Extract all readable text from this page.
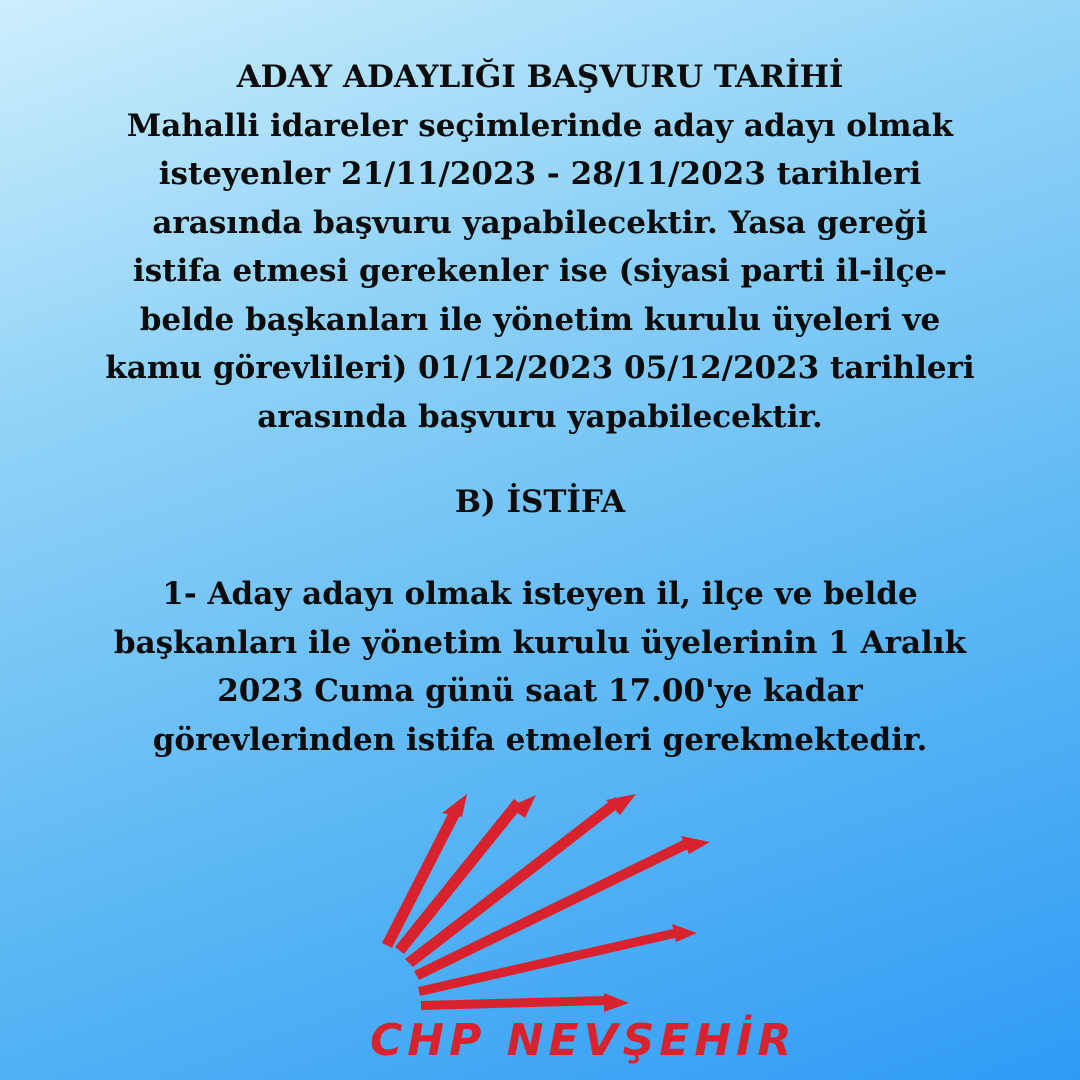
ADAY ADAYLIĞI BAŞVURU TARİHİ
Mahalli idareler seçimlerinde aday adayı olmak
isteyenler 21/11/2023 - 28/11/2023 tarihleri
arasında başvuru yapabilecektir. Yasa gereği
istifa etmesi gerekenler ise (siyasi parti il-ilçe-
belde başkanları ile yönetim kurulu üyeleri ve
kamu görevlileri) 01/12/2023 05/12/2023 tarihleri
arasında başvuru yapabilecektir.
B) İSTİFA
1- Aday adayı olmak isteyen il, ilçe ve belde
başkanları ile yönetim kurulu üyelerinin 1 Aralık
2023 Cuma günü saat 17.00'ye kadar
görevlerinden istifa etmeleri gerekmektedir.
CHP NEVŞEHİR
